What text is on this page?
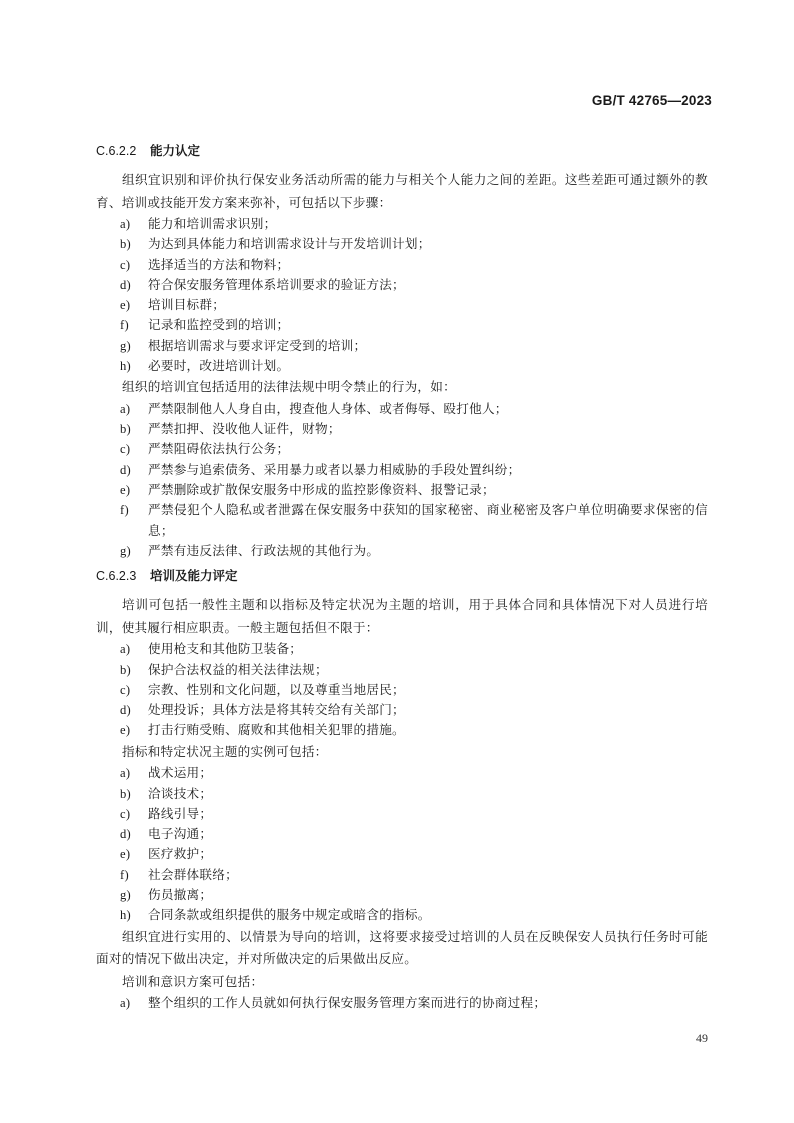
GB/T 42765—2023
C.6.2.2 能力认定

组织宜识别和评价执行保安业务活动所需的能力与相关个人能力之间的差距。这些差距可通过额外的教育、培训或技能开发方案来弥补，可包括以下步骤：

a) 能力和培训需求识别；
b) 为达到具体能力和培训需求设计与开发培训计划；
c) 选择适当的方法和物料；
d) 符合保安服务管理体系培训要求的验证方法；
e) 培训目标群；
f) 记录和监控受到的培训；
g) 根据培训需求与要求评定受到的培训；
h) 必要时，改进培训计划。

组织的培训宜包括适用的法律法规中明令禁止的行为，如：

a) 严禁限制他人人身自由，搜查他人身体、或者侮辱、殴打他人；
b) 严禁扣押、没收他人证件，财物；
c) 严禁阻碍依法执行公务；
d) 严禁参与追索债务、采用暴力或者以暴力相威胁的手段处置纠纷；
e) 严禁删除或扩散保安服务中形成的监控影像资料、报警记录；
f) 严禁侵犯个人隐私或者泄露在保安服务中获知的国家秘密、商业秘密及客户单位明确要求保密的信息；
g) 严禁有违反法律、行政法规的其他行为。
C.6.2.3 培训及能力评定

培训可包括一般性主题和以指标及特定状况为主题的培训，用于具体合同和具体情况下对人员进行培训，使其履行相应职责。一般主题包括但不限于：

a) 使用枪支和其他防卫装备；
b) 保护合法权益的相关法律法规；
c) 宗教、性别和文化问题，以及尊重当地居民；
d) 处理投诉；具体方法是将其转交给有关部门；
e) 打击行贿受贿、腐败和其他相关犯罪的措施。

指标和特定状况主题的实例可包括：

a) 战术运用；
b) 洽谈技术；
c) 路线引导；
d) 电子沟通；
e) 医疗救护；
f) 社会群体联络；
g) 伤员撤离；
h) 合同条款或组织提供的服务中规定或暗含的指标。

组织宜进行实用的、以情景为导向的培训，这将要求接受过培训的人员在反映保安人员执行任务时可能面对的情况下做出决定，并对所做决定的后果做出反应。

培训和意识方案可包括：

a) 整个组织的工作人员就如何执行保安服务管理方案而进行的协商过程；
49
